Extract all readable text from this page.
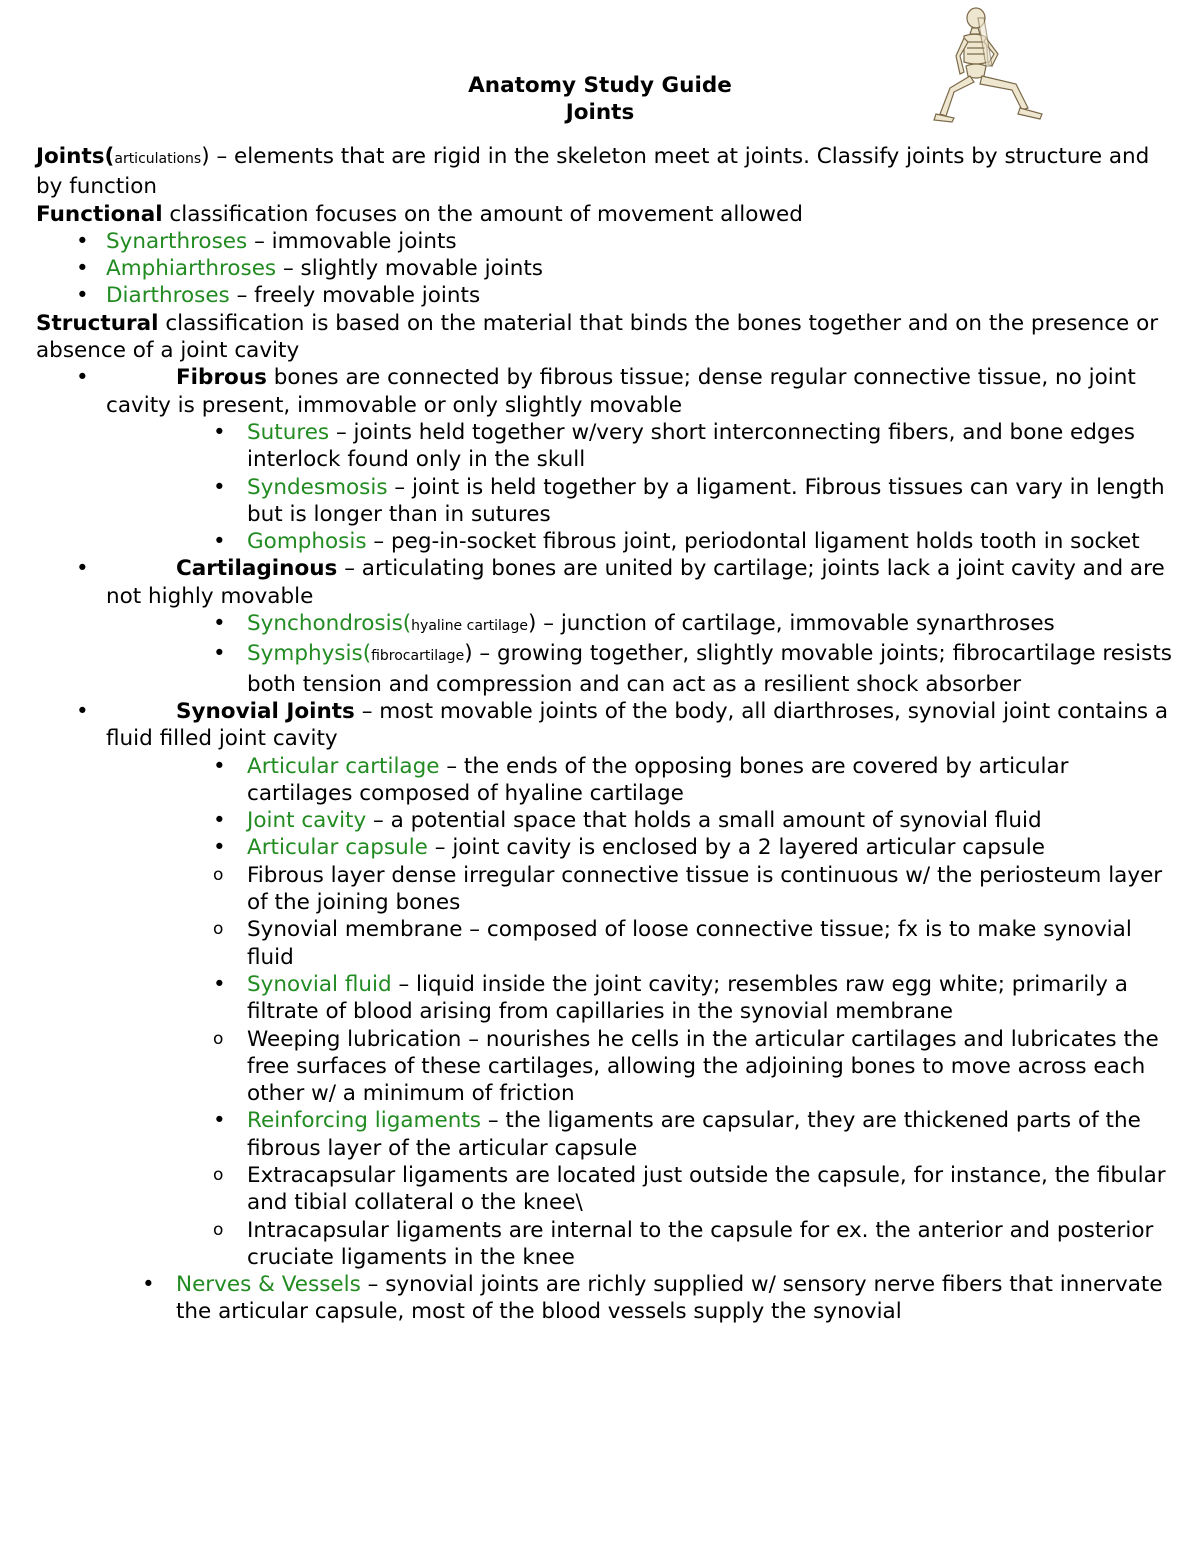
Anatomy Study Guide
Joints

Joints(articulations) – elements that are rigid in the skeleton meet at joints. Classify joints by structure and by function

Functional classification focuses on the amount of movement allowed

• Synarthroses – immovable joints
• Amphiarthroses – slightly movable joints
• Diarthroses – freely movable joints

Structural classification is based on the material that binds the bones together and on the presence or absence of a joint cavity

•	Fibrous bones are connected by fibrous tissue; dense regular connective tissue, no joint cavity is present, immovable or only slightly movable
• Sutures – joints held together w/very short interconnecting fibers, and bone edges interlock found only in the skull
• Syndesmosis – joint is held together by a ligament. Fibrous tissues can vary in length but is longer than in sutures
• Gomphosis – peg-in-socket fibrous joint, periodontal ligament holds tooth in socket
•	Cartilaginous – articulating bones are united by cartilage; joints lack a joint cavity and are not highly movable
• Synchondrosis(hyaline cartilage) – junction of cartilage, immovable synarthroses
• Symphysis(fibrocartilage) – growing together, slightly movable joints; fibrocartilage resists both tension and compression and can act as a resilient shock absorber
•	Synovial Joints – most movable joints of the body, all diarthroses, synovial joint contains a fluid filled joint cavity
• Articular cartilage – the ends of the opposing bones are covered by articular cartilages composed of hyaline cartilage
• Joint cavity – a potential space that holds a small amount of synovial fluid
• Articular capsule – joint cavity is enclosed by a 2 layered articular capsule
o Fibrous layer dense irregular connective tissue is continuous w/ the periosteum layer of the joining bones
o Synovial membrane – composed of loose connective tissue; fx is to make synovial fluid
• Synovial fluid – liquid inside the joint cavity; resembles raw egg white; primarily a filtrate of blood arising from capillaries in the synovial membrane
o Weeping lubrication – nourishes he cells in the articular cartilages and lubricates the free surfaces of these cartilages, allowing the adjoining bones to move across each other w/ a minimum of friction
• Reinforcing ligaments – the ligaments are capsular, they are thickened parts of the fibrous layer of the articular capsule
o Extracapsular ligaments are located just outside the capsule, for instance, the fibular and tibial collateral o the knee\
o Intracapsular ligaments are internal to the capsule for ex. the anterior and posterior cruciate ligaments in the knee
• Nerves & Vessels – synovial joints are richly supplied w/ sensory nerve fibers that innervate the articular capsule, most of the blood vessels supply the synovial
